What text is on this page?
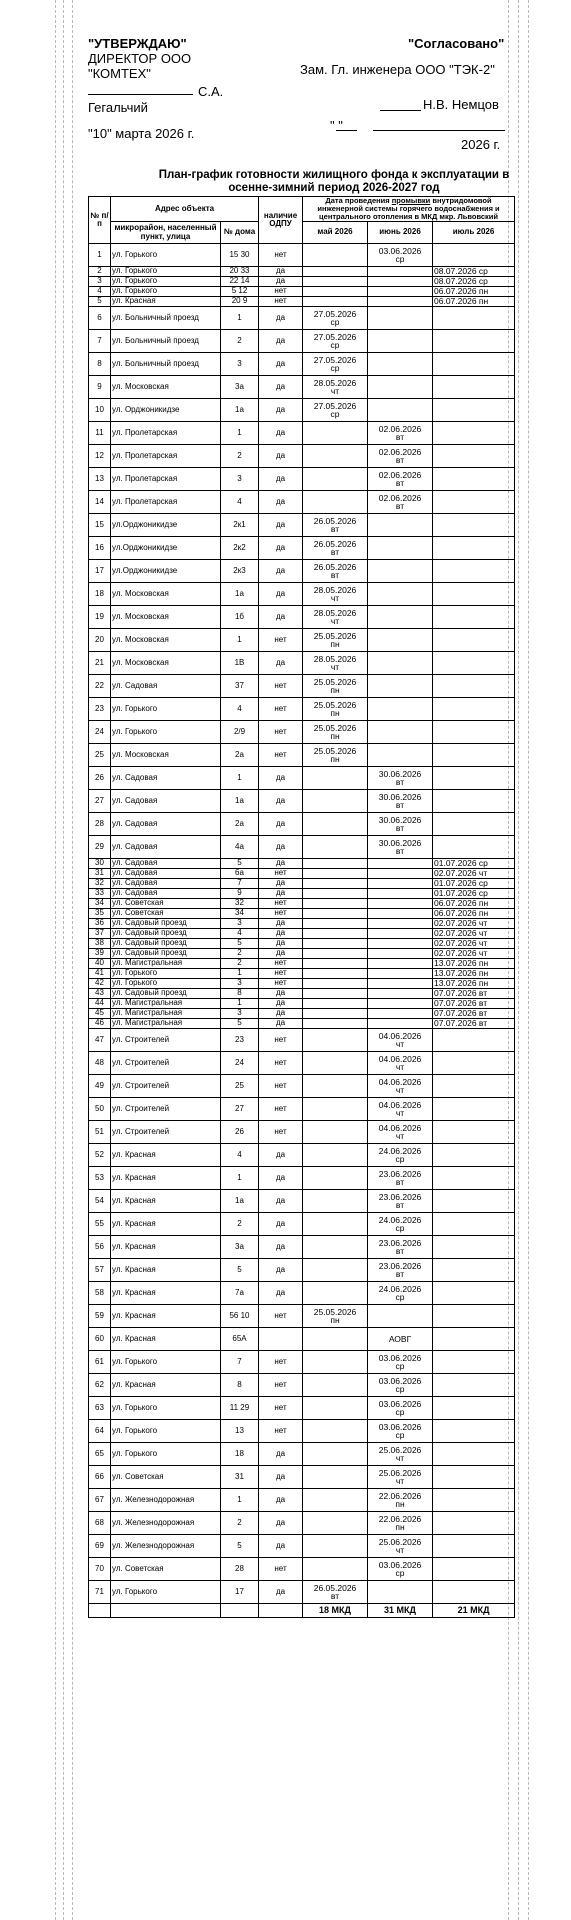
"УТВЕРЖДАЮ"
ДИРЕКТОР ООО
"КОМТЕХ"
С.А.
Гегальчий
"10" марта 2026 г.
"Согласовано"
Зам. Гл. инженера ООО "ТЭК-2"
Н.В. Немцов
" "
2026 г.
План-график готовности жилищного фонда к эксплуатации в осенне-зимний период 2026-2027 год
№ п/п	Адрес объекта		наличие ОДПУ	Дата проведения промывки внутридомовой инженерной системы горячего водоснабжения и центрального отопления в МКД мкр. Львовский		
	микрорайон, населенный пункт, улица	№ дома		май 2026	июнь 2026	июль 2026
1	ул. Горького	15 30	нет		03.06.2026
ср	
2	ул. Горького	20 33	да			08.07.2026 ср
3	ул. Горького	22 14	да			08.07.2026 ср
4	ул. Горького	5 12	нет			06.07.2026 пн
5	ул. Красная	20 9	нет			06.07.2026 пн
6	ул. Больничный проезд	1	да	27.05.2026
ср		
7	ул. Больничный проезд	2	да	27.05.2026
ср		
8	ул. Больничный проезд	3	да	27.05.2026
ср		
9	ул. Московская	3а	да	28.05.2026
чт		
10	ул. Орджоникидзе	1а	да	27.05.2026
ср		
11	ул. Пролетарская	1	да		02.06.2026
вт	
12	ул. Пролетарская	2	да		02.06.2026
вт	
13	ул. Пролетарская	3	да		02.06.2026
вт	
14	ул. Пролетарская	4	да		02.06.2026
вт	
15	ул.Орджоникидзе	2к1	да	26.05.2026
вт		
16	ул.Орджоникидзе	2к2	да	26.05.2026
вт		
17	ул.Орджоникидзе	2к3	да	26.05.2026
вт		
18	ул. Московская	1а	да	28.05.2026
чт		
19	ул. Московская	1б	да	28.05.2026
чт		
20	ул. Московская	1	нет	25.05.2026
пн		
21	ул. Московская	1В	да	28.05.2026
чт		
22	ул. Садовая	37	нет	25.05.2026
пн		
23	ул. Горького	4	нет	25.05.2026
пн		
24	ул. Горького	2/9	нет	25.05.2026
пн		
25	ул. Московская	2а	нет	25.05.2026
пн		
26	ул. Садовая	1	да		30.06.2026
вт	
27	ул. Садовая	1а	да		30.06.2026
вт	
28	ул. Садовая	2а	да		30.06.2026
вт	
29	ул. Садовая	4а	да		30.06.2026
вт	
30	ул. Садовая	5	да			01.07.2026 ср
31	ул. Садовая	6а	нет			02.07.2026 чт
32	ул. Садовая	7	да			01.07.2026 ср
33	ул. Садовая	9	да			01.07.2026 ср
34	ул. Советская	32	нет			06.07.2026 пн
35	ул. Советская	34	нет			06.07.2026 пн
36	ул. Садовый проезд	3	да			02.07.2026 чт
37	ул. Садовый проезд	4	да			02.07.2026 чт
38	ул. Садовый проезд	5	да			02.07.2026 чт
39	ул. Садовый проезд	2	да			02.07.2026 чт
40	ул. Магистральная	2	нет			13.07.2026 пн
41	ул. Горького	1	нет			13.07.2026 пн
42	ул. Горького	3	нет			13.07.2026 пн
43	ул. Садовый проезд	8	да			07.07.2026 вт
44	ул. Магистральная	1	да			07.07.2026 вт
45	ул. Магистральная	3	да			07.07.2026 вт
46	ул. Магистральная	5	да			07.07.2026 вт
47	ул. Строителей	23	нет		04.06.2026
чт	
48	ул. Строителей	24	нет		04.06.2026
чт	
49	ул. Строителей	25	нет		04.06.2026
чт	
50	ул. Строителей	27	нет		04.06.2026
чт	
51	ул. Строителей	26	нет		04.06.2026
чт	
52	ул. Красная	4	да		24.06.2026
ср	
53	ул. Красная	1	да		23.06.2026
вт	
54	ул. Красная	1а	да		23.06.2026
вт	
55	ул. Красная	2	да		24.06.2026
ср	
56	ул. Красная	3а	да		23.06.2026
вт	
57	ул. Красная	5	да		23.06.2026
вт	
58	ул. Красная	7а	да		24.06.2026
ср	
59	ул. Красная	56 10	нет	25.05.2026
пн		
60	ул. Красная	65А			АОВГ	
61	ул. Горького	7	нет		03.06.2026
ср	
62	ул. Красная	8	нет		03.06.2026
ср	
63	ул. Горького	11 29	нет		03.06.2026
ср	
64	ул. Горького	13	нет		03.06.2026
ср	
65	ул. Горького	18	да		25.06.2026
чт	
66	ул. Советская	31	да		25.06.2026
чт	
67	ул. Железнодорожная	1	да		22.06.2026
пн	
68	ул. Железнодорожная	2	да		22.06.2026
пн	
69	ул. Железнодорожная	5	да		25.06.2026
чт	
70	ул. Советская	28	нет		03.06.2026
ср	
71	ул. Горького	17	да	26.05.2026
вт		
				18 МКД	31 МКД	21 МКД
